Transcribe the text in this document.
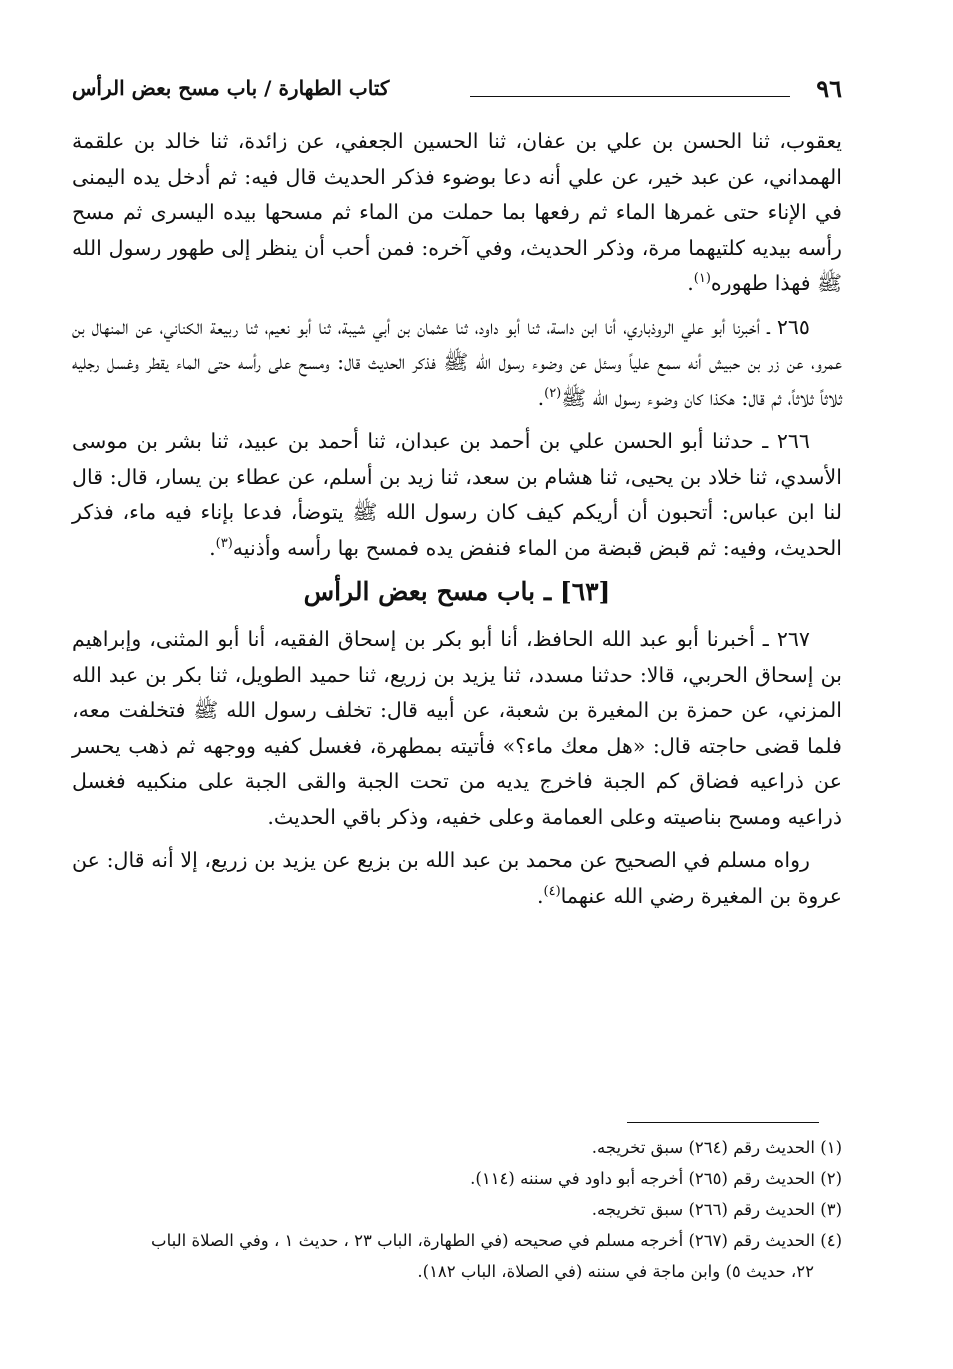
٩٦
كتاب الطهارة / باب مسح بعض الرأس

يعقوب، ثنا الحسن بن علي بن عفان، ثنا الحسين الجعفي، عن زائدة، ثنا خالد بن علقمة الهمداني، عن عبد خير، عن علي أنه دعا بوضوء فذكر الحديث قال فيه: ثم أدخل يده اليمنى في الإناء حتى غمرها الماء ثم رفعها بما حملت من الماء ثم مسحها بيده اليسرى ثم مسح رأسه بيديه كلتيهما مرة، وذكر الحديث، وفي آخره: فمن أحب أن ينظر إلى طهور رسول الله ﷺ فهذا طهوره$^{(١)}$.

٢٦٥ ـ أخبرنا أبو علي الروذباري، أنا ابن داسة، ثنا أبو داود، ثنا عثمان بن أبي شيبة، ثنا أبو نعيم، ثنا ربيعة الكناني، عن المنهال بن عمرو، عن زر بن حبيش أنه سمع علياً وسئل عن وضوء رسول الله ﷺ فذكر الحديث قال: ومسح على رأسه حتى الماء يقطر وغسل رجليه ثلاثاً ثلاثاً، ثم قال: هكذا كان وضوء رسول الله ﷺ$^{(٢)}$.

٢٦٦ ـ حدثنا أبو الحسن علي بن أحمد بن عبدان، ثنا أحمد بن عبيد، ثنا بشر بن موسى الأسدي، ثنا خلاد بن يحيى، ثنا هشام بن سعد، ثنا زيد بن أسلم، عن عطاء بن يسار، قال: قال لنا ابن عباس: أتحبون أن أريكم كيف كان رسول الله ﷺ يتوضأ، فدعا بإناء فيه ماء، فذكر الحديث، وفيه: ثم قبض قبضة من الماء فنفض يده فمسح بها رأسه وأذنيه$^{(٣)}$.

[٦٣] ـ باب مسح بعض الرأس

٢٦٧ ـ أخبرنا أبو عبد الله الحافظ، أنا أبو بكر بن إسحاق الفقيه، أنا أبو المثنى، وإبراهيم بن إسحاق الحربي، قالا: حدثنا مسدد، ثنا يزيد بن زريع، ثنا حميد الطويل، ثنا بكر بن عبد الله المزني، عن حمزة بن المغيرة بن شعبة، عن أبيه قال: تخلف رسول الله ﷺ فتخلفت معه، فلما قضى حاجته قال: «هل معك ماء؟» فأتيته بمطهرة، فغسل كفيه ووجهه ثم ذهب يحسر عن ذراعيه فضاق كم الجبة فاخرج يديه من تحت الجبة والقى الجبة على منكبيه فغسل ذراعيه ومسح بناصيته وعلى العمامة وعلى خفيه، وذكر باقي الحديث.

رواه مسلم في الصحيح عن محمد بن عبد الله بن بزيع عن يزيد بن زريع، إلا أنه قال: عن عروة بن المغيرة رضي الله عنهما$^{(٤)}$.

(١) الحديث رقم (٢٦٤) سبق تخريجه.

(٢) الحديث رقم (٢٦٥) أخرجه أبو داود في سننه (١١٤).

(٣) الحديث رقم (٢٦٦) سبق تخريجه.

(٤) الحديث رقم (٢٦٧) أخرجه مسلم في صحيحه (في الطهارة، الباب ٢٣ ، حديث ١ ، وفي الصلاة الباب

٢٢، حديث ٥) وابن ماجة في سننه (في الصلاة، الباب ١٨٢).
